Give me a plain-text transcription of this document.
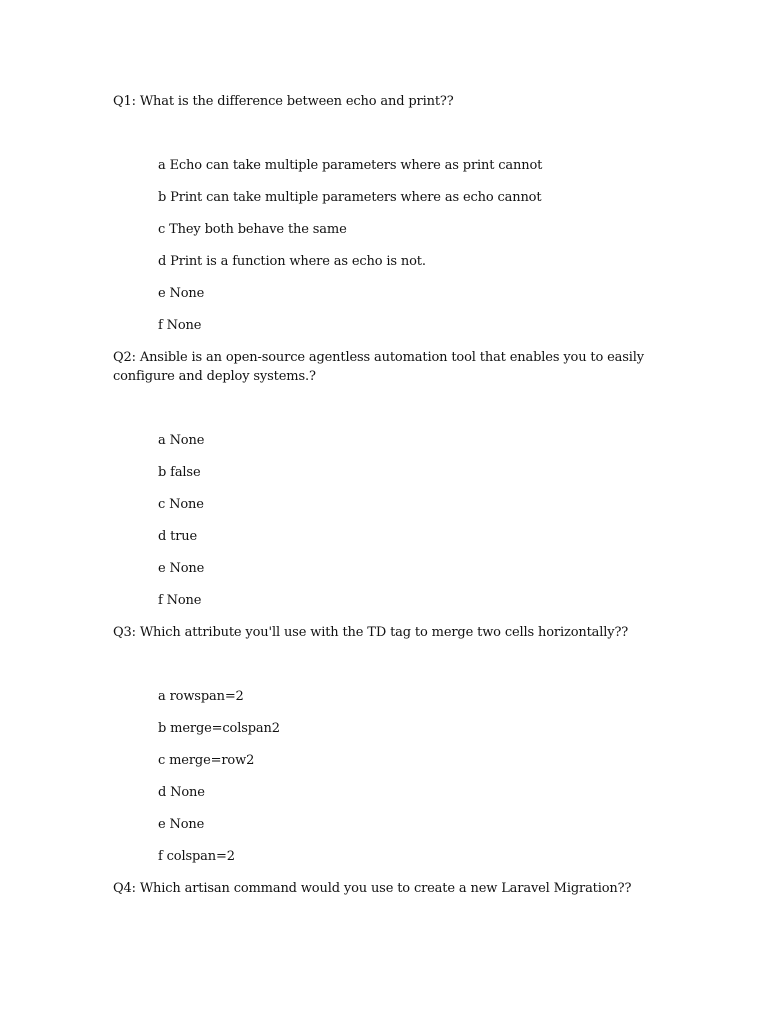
Q1: What is the difference between echo and print??

a Echo can take multiple parameters where as print cannot

b Print can take multiple parameters where as echo cannot

c They both behave the same

d Print is a function where as echo is not.

e None

f None

Q2: Ansible is an open-source agentless automation tool that enables you to easily configure and deploy systems.?

a None

b false

c None

d true

e None

f None

Q3: Which attribute you'll use with the TD tag to merge two cells horizontally??

a rowspan=2

b merge=colspan2

c merge=row2

d None

e None

f colspan=2

Q4: Which artisan command would you use to create a new Laravel Migration??
